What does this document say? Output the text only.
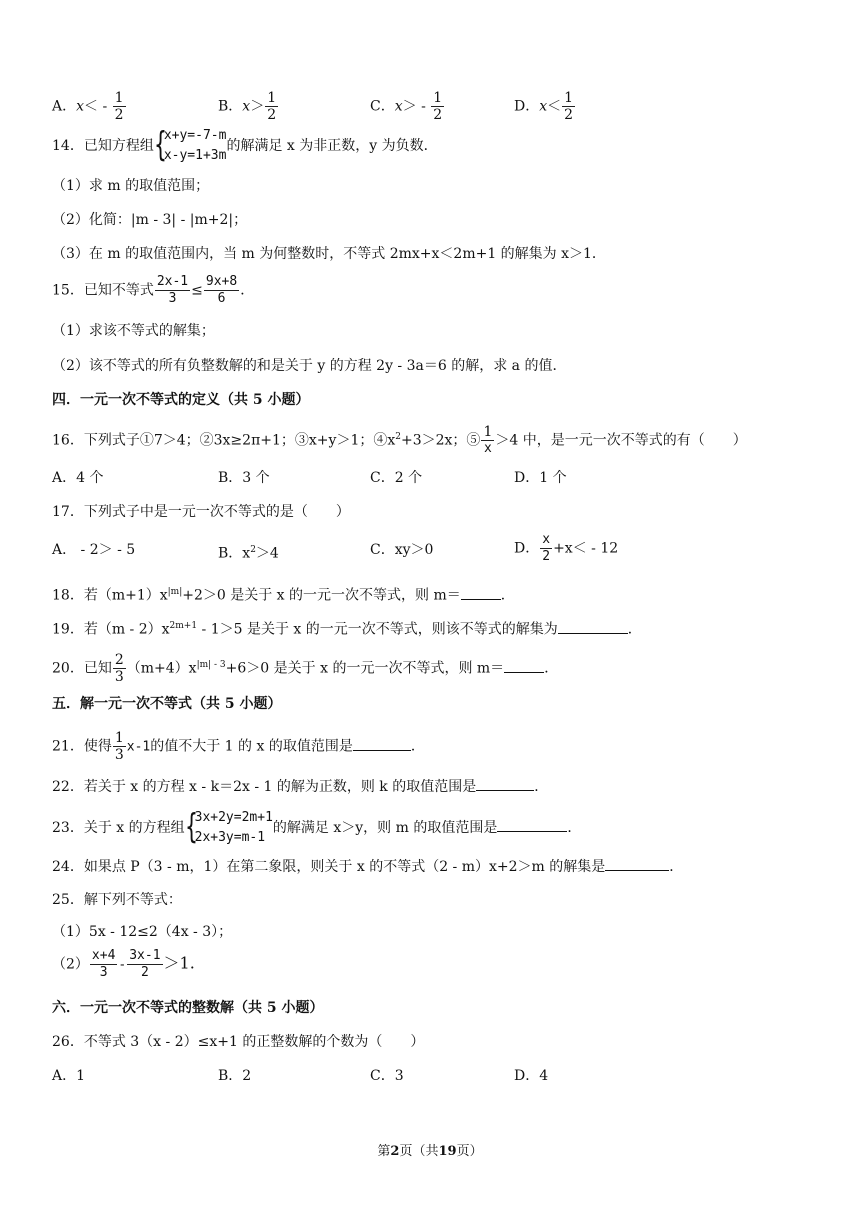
A．$x< - \frac{1}{2}$	B．$x> \frac{1}{2}$	C．$x> - \frac{1}{2}$	D．$x< \frac{1}{2}$
14．已知方程组 {
x+y=-7-m
x-y=1+3m
的解满足 x 为非正数，y 为负数．
（1）求 m 的取值范围；
（2）化简：|m - 3| - |m+2|；
（3）在 m 的取值范围内，当 m 为何整数时，不等式 2mx+x＜2m+1 的解集为 x＞1．
15．已知不等式 $\frac{2x-1}{3} \le \frac{9x+8}{6}$ ．
（1）求该不等式的解集；
（2）该不等式的所有负整数解的和是关于 y 的方程 2y - 3a＝6 的解，求 a 的值．
四．一元一次不等式的定义（共 5 小题）
16．下列式子①7＞4；②3x≥2π+1；③x+y＞1；$④x^2+3>2x$；⑤ $\frac{1}{x} >4$ 中，是一元一次不等式的有（　　）
A．4 个	B．3 个	C．2 个	D．1 个
17．下列式子中是一元一次不等式的是（　　）
A． - 2＞ - 5	B．$x^2>4$	C．xy＞0	D． $\frac{x}{2} +x< - 12$
18．若$(m+1)x^{|m|}+2>0$ 是关于 x 的一元一次不等式，则 m＝	．
19．若$(m - 2)x^{2m+1} - 1>5$ 是关于 x 的一元一次不等式，则该不等式的解集为	．
20．已知 $\frac{2}{3} (m+4)x^{|m| - 3}+6>0$ 是关于 x 的一元一次不等式，则 m＝	．
五．解一元一次不等式（共 5 小题）
21．使得 $\frac{1}{3} x-1$的值不大于 1 的 x 的取值范围是	．
22．若关于 x 的方程 x - k＝2x - 1 的解为正数，则 k 的取值范围是	．
23．关于 x 的方程组 {
3x+2y=2m+1
2x+3y=m-1
的解满足 x＞y，则 m 的取值范围是	．
24．如果点 P（3 - m，1）在第二象限，则关于 x 的不等式（2 - m）x+2＞m 的解集是	．
25．解下列不等式：
（1）5x - 12≤2（4x - 3）；
$(2) \frac{x+4}{3} - \frac{3x-1}{2} >1$.
六．一元一次不等式的整数解（共 5 小题）
26．不等式 3（x - 2）≤x+1 的正整数解的个数为（　　）
A．1	B．2	C．3	D．4
第2页（共19页）
